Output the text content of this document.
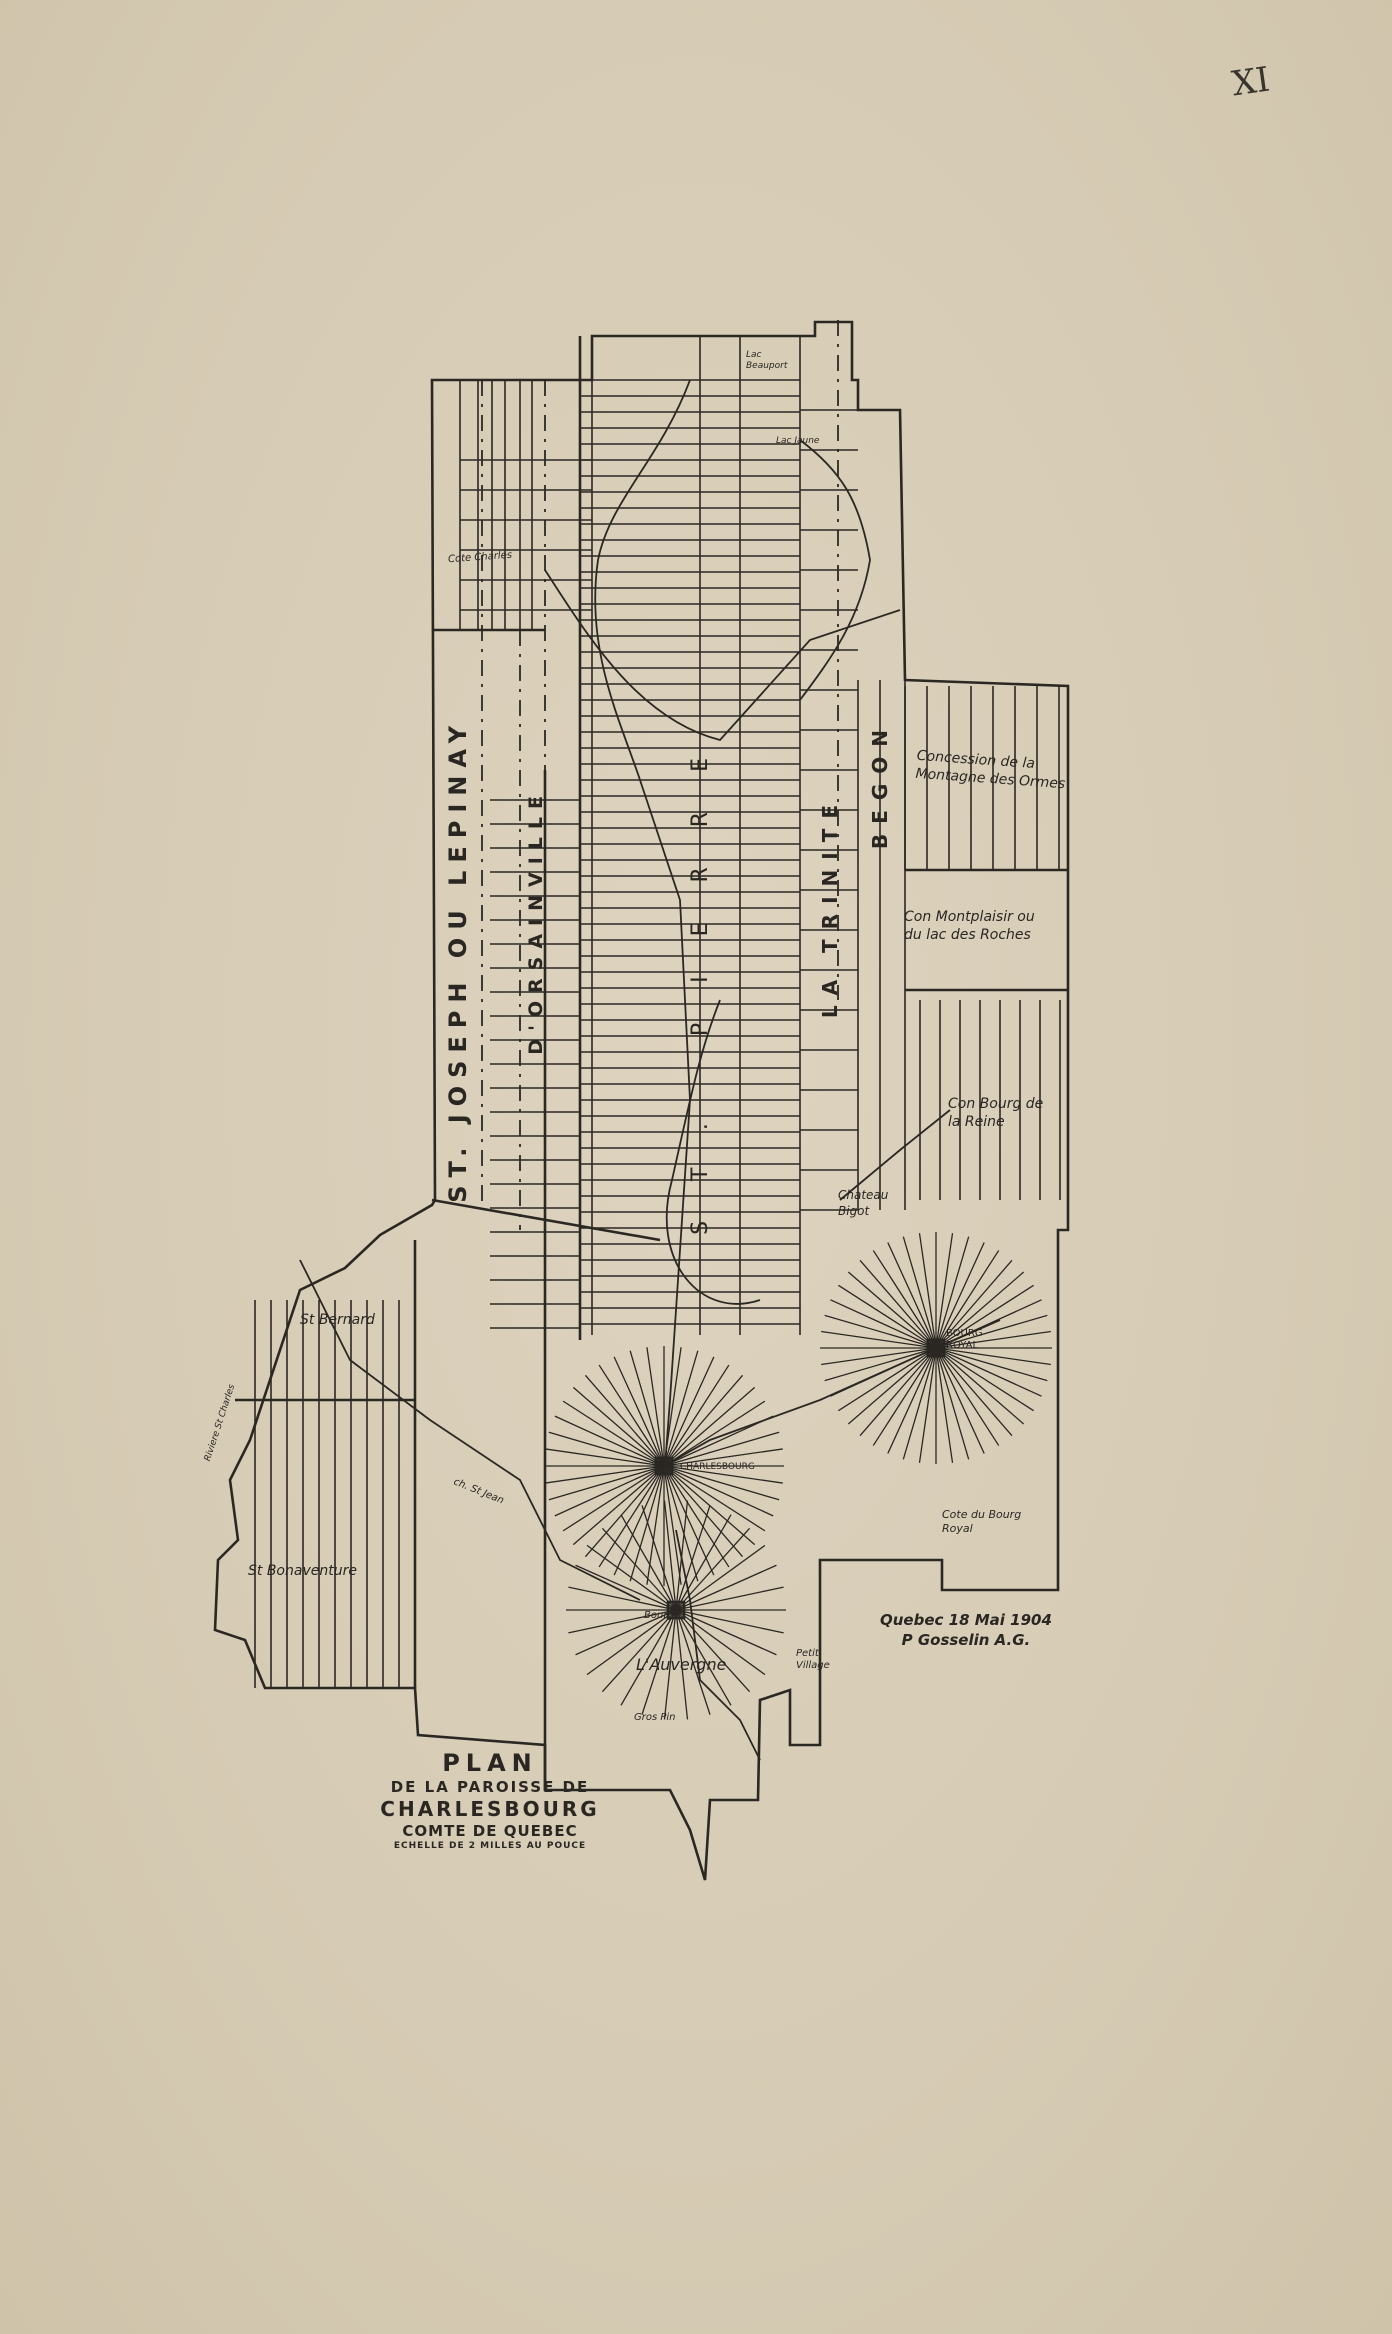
XI
ST. JOSEPH OU LEPINAY	D'ORSAINVILLE	ST. PIERRE	LA TRINITE
BEGON Concession de la Montagne des Ormes
Con Montplaisir ou du lac des Roches
Con Bourg de la Reine
Chateau Bigot
BOURG ROYAL
CHARLESBOURG
Cote du Bourg Royal
St Bernard
St Bonaventure
L'Auvergne
Petit Village
Gros Pin
Bourg
ch. St Jean
Riviere St Charles
Cote Charles
Lac Beauport
Lac Jaune
PLAN
DE LA PAROISSE DE
CHARLESBOURG
COMTE DE QUEBEC
ECHELLE DE 2 MILLES AU POUCE
Quebec 18 Mai 1904
P Gosselin A.G.
